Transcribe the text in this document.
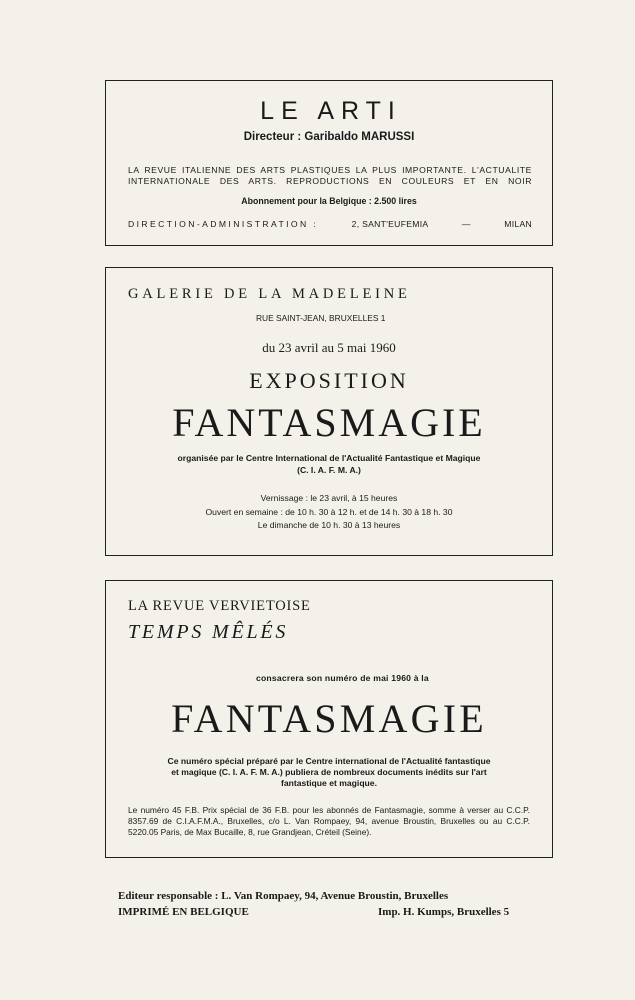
LE ARTI
Directeur : Garibaldo MARUSSI
LA REVUE ITALIENNE DES ARTS PLASTIQUES LA PLUS IMPORTANTE. L'ACTUALITE INTERNATIONALE DES ARTS. REPRODUCTIONS EN COULEURS ET EN NOIR
Abonnement pour la Belgique : 2.500 lires
DIRECTION-ADMINISTRATION :	2, SANT'EUFEMIA	—	MILAN
GALERIE DE LA MADELEINE
RUE SAINT-JEAN, BRUXELLES 1
du 23 avril au 5 mai 1960
EXPOSITION
FANTASMAGIE
organisée par le Centre International de l'Actualité Fantastique et Magique
(C. I. A. F. M. A.)
Vernissage : le 23 avril, à 15 heures
Ouvert en semaine : de 10 h. 30 à 12 h. et de 14 h. 30 à 18 h. 30
Le dimanche de 10 h. 30 à 13 heures
LA REVUE VERVIETOISE
TEMPS MÊLÉS
consacrera son numéro de mai 1960 à la
FANTASMAGIE
Ce numéro spécial préparé par le Centre international de l'Actualité fantastique
et magique (C. I. A. F. M. A.) publiera de nombreux documents inédits sur l'art
fantastique et magique.
Le numéro 45 F.B. Prix spécial de 36 F.B. pour les abonnés de Fantasmagie, somme à verser au C.C.P. 8357.69 de C.I.A.F.M.A., Bruxelles, c/o L. Van Rompaey, 94, avenue Broustin, Bruxelles ou au C.C.P. 5220.05 Paris, de Max Bucaille, 8, rue Grandjean, Créteil (Seine).
Editeur responsable : L. Van Rompaey, 94, Avenue Broustin, Bruxelles
IMPRIMÉ EN BELGIQUE	Imp. H. Kumps, Bruxelles 5
